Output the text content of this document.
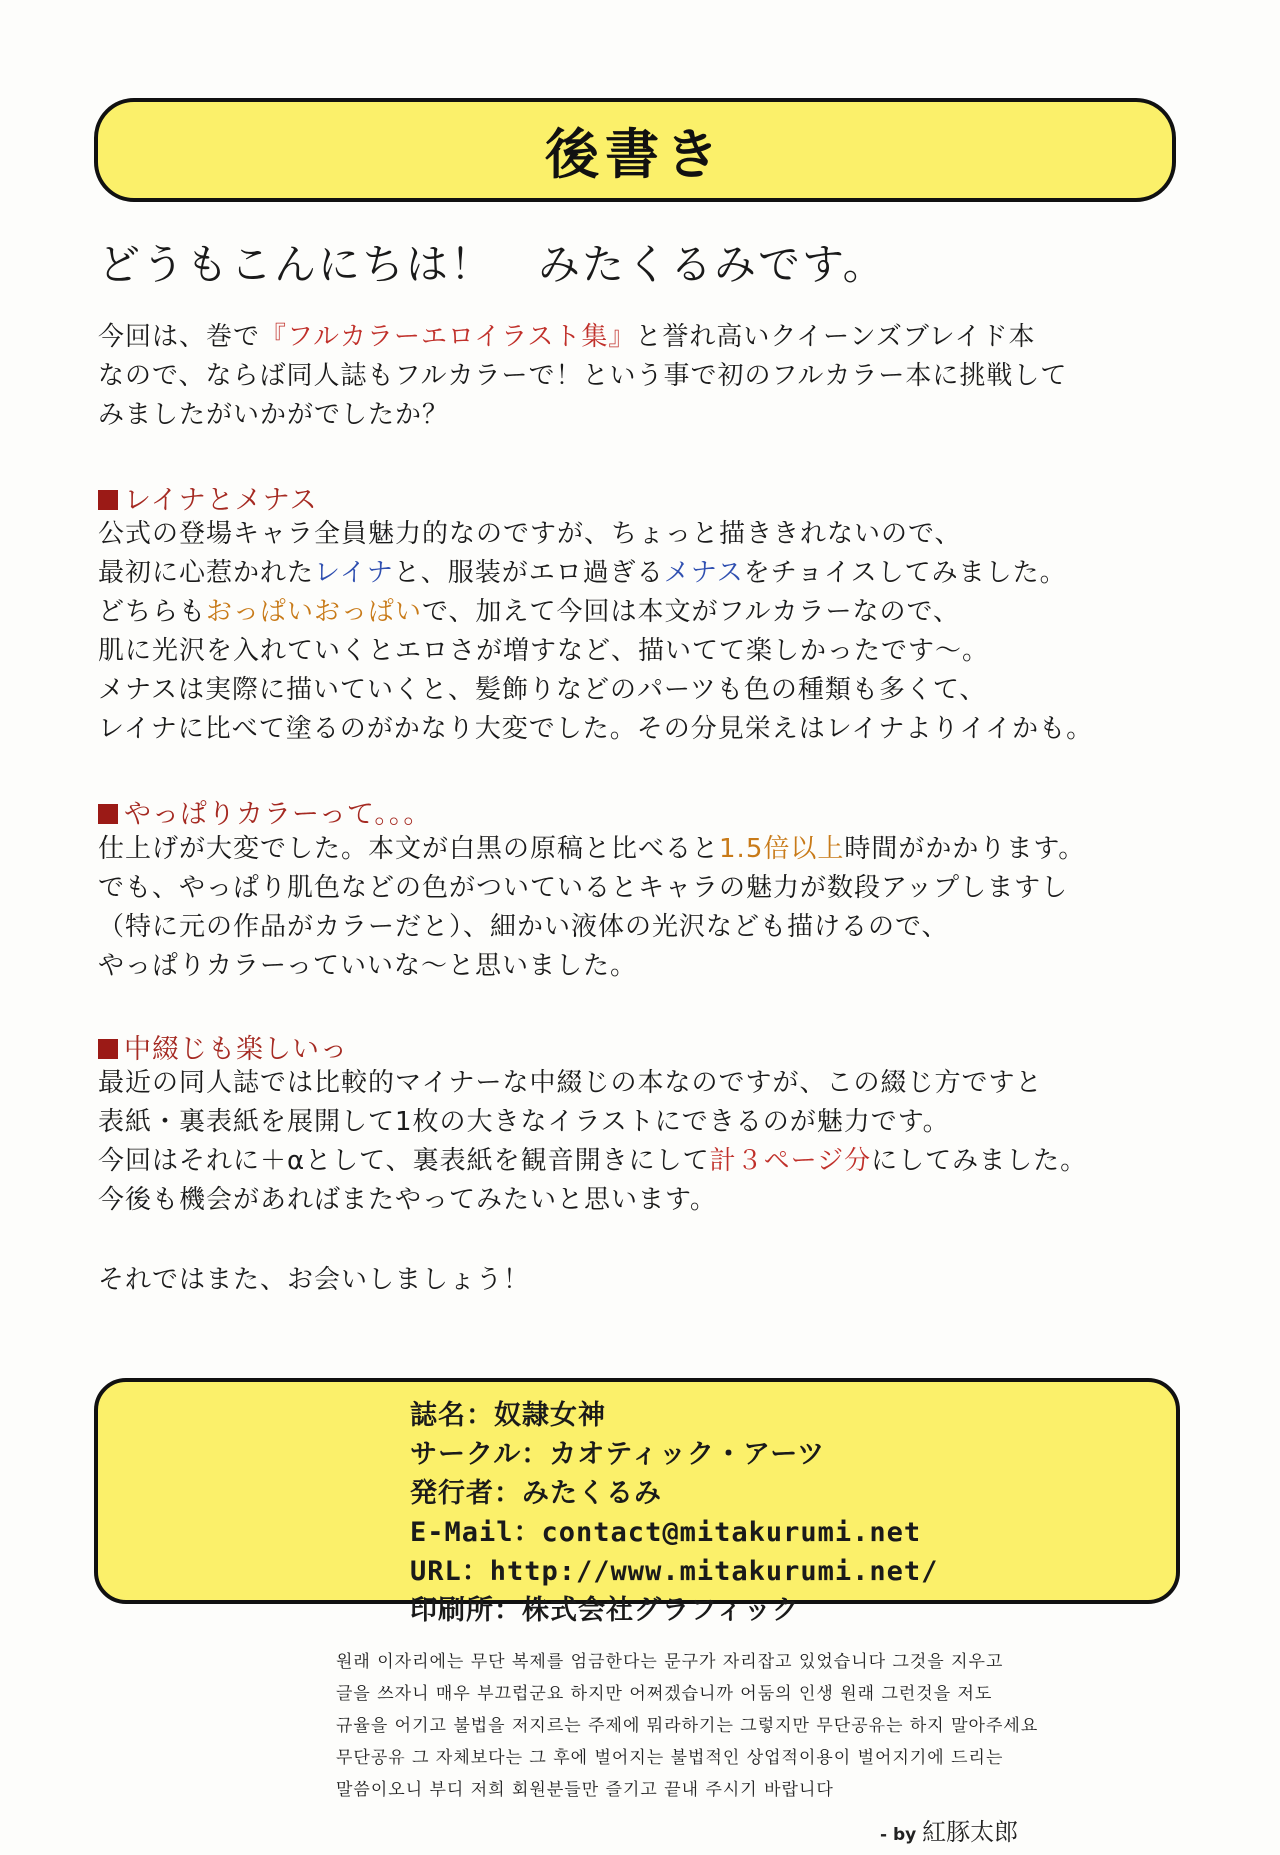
後書き
どうもこんにちは！　みたくるみです。
今回は、巻で『フルカラーエロイラスト集』と誉れ高いクイーンズブレイド本
なので、ならば同人誌もフルカラーで！という事で初のフルカラー本に挑戦して
みましたがいかがでしたか？
レイナとメナス
公式の登場キャラ全員魅力的なのですが、ちょっと描ききれないので、
最初に心惹かれたレイナと、服装がエロ過ぎるメナスをチョイスしてみました。
どちらもおっぱいおっぱいで、加えて今回は本文がフルカラーなので、
肌に光沢を入れていくとエロさが増すなど、描いてて楽しかったです～。
メナスは実際に描いていくと、髪飾りなどのパーツも色の種類も多くて、
レイナに比べて塗るのがかなり大変でした。その分見栄えはレイナよりイイかも。
やっぱりカラーって。。。
仕上げが大変でした。本文が白黒の原稿と比べると1.5倍以上時間がかかります。
でも、やっぱり肌色などの色がついているとキャラの魅力が数段アップしますし
（特に元の作品がカラーだと）、細かい液体の光沢なども描けるので、
やっぱりカラーっていいな～と思いました。
中綴じも楽しいっ
最近の同人誌では比較的マイナーな中綴じの本なのですが、この綴じ方ですと
表紙・裏表紙を展開して1枚の大きなイラストにできるのが魅力です。
今回はそれに＋αとして、裏表紙を観音開きにして計３ページ分にしてみました。
今後も機会があればまたやってみたいと思います。
それではまた、お会いしましょう！
誌名：奴隷女神
サークル：カオティック・アーツ
発行者：みたくるみ
E-Mail：contact@mitakurumi.net
URL：http://www.mitakurumi.net/
印刷所：株式会社グラフィック
원래 이자리에는 무단 복제를 엄금한다는 문구가 자리잡고 있었습니다 그것을 지우고
글을 쓰자니 매우 부끄럽군요 하지만 어쩌겠습니까 어둠의 인생 원래 그런것을 저도
규율을 어기고 불법을 저지르는 주제에 뭐라하기는 그렇지만 무단공유는 하지 말아주세요
무단공유 그 자체보다는 그 후에 벌어지는 불법적인 상업적이용이 벌어지기에 드리는
말씀이오니 부디 저희 회원분들만 즐기고 끝내 주시기 바랍니다
- by 紅豚太郎
